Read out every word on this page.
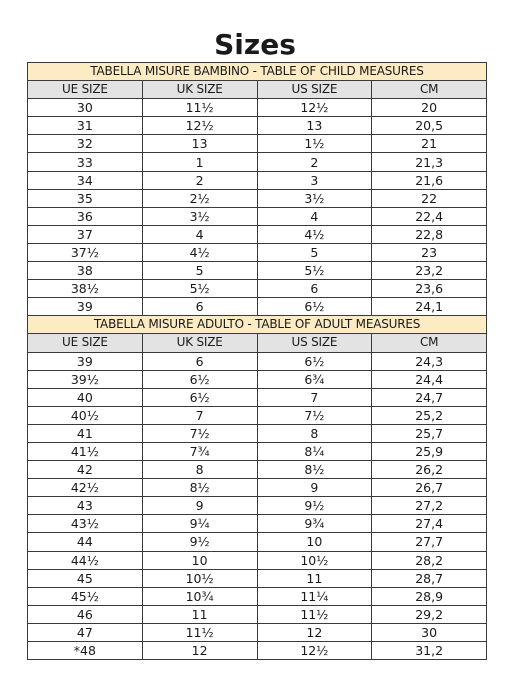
Sizes
TABELLA MISURE BAMBINO - TABLE OF CHILD MEASURES			
UE SIZE	UK SIZE	US SIZE	CM
30	11½	12½	20
31	12½	13	20,5
32	13	1½	21
33	1	2	21,3
34	2	3	21,6
35	2½	3½	22
36	3½	4	22,4
37	4	4½	22,8
37½	4½	5	23
38	5	5½	23,2
38½	5½	6	23,6
39	6	6½	24,1
TABELLA MISURE ADULTO - TABLE OF ADULT MEASURES			
UE SIZE	UK SIZE	US SIZE	CM
39	6	6½	24,3
39½	6½	6¾	24,4
40	6½	7	24,7
40½	7	7½	25,2
41	7½	8	25,7
41½	7¾	8¼	25,9
42	8	8½	26,2
42½	8½	9	26,7
43	9	9½	27,2
43½	9¼	9¾	27,4
44	9½	10	27,7
44½	10	10½	28,2
45	10½	11	28,7
45½	10¾	11¼	28,9
46	11	11½	29,2
47	11½	12	30
*48	12	12½	31,2
